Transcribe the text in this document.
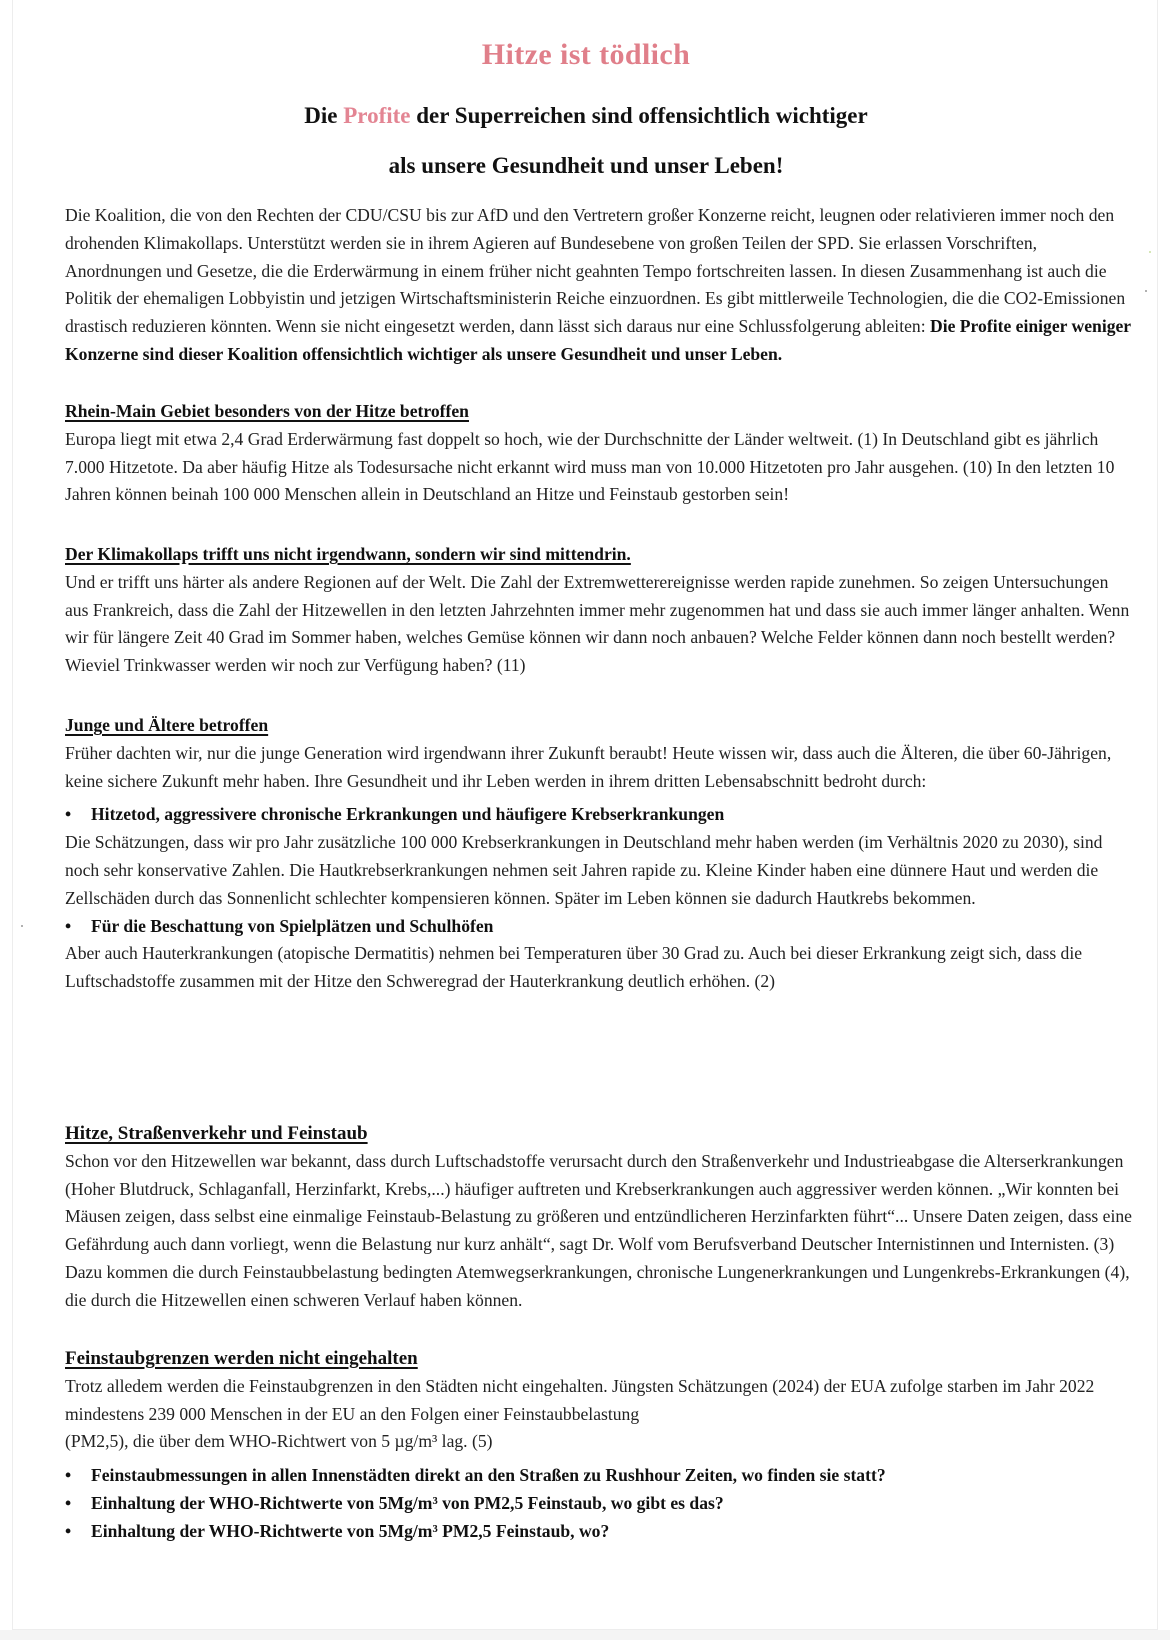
Hitze ist tödlich
Die Profite der Superreichen sind offensichtlich wichtiger
als unsere Gesundheit und unser Leben!

Die Koalition, die von den Rechten der CDU/CSU bis zur AfD und den Vertretern großer Konzerne reicht, leugnen oder relativieren immer noch den drohenden Klimakollaps. Unterstützt werden sie in ihrem Agieren auf Bundesebene von großen Teilen der SPD. Sie erlassen Vorschriften, Anordnungen und Gesetze, die die Erderwärmung in einem früher nicht geahnten Tempo fortschreiten lassen. In diesen Zusammenhang ist auch die Politik der ehemaligen Lobbyistin und jetzigen Wirtschaftsministerin Reiche einzuordnen. Es gibt mittlerweile Technologien, die die CO2-Emissionen drastisch reduzieren könnten. Wenn sie nicht eingesetzt werden, dann lässt sich daraus nur eine Schlussfolgerung ableiten: Die Profite einiger weniger Konzerne sind dieser Koalition offensichtlich wichtiger als unsere Gesundheit und unser Leben.

Rhein-Main Gebiet besonders von der Hitze betroffen

Europa liegt mit etwa 2,4 Grad Erderwärmung fast doppelt so hoch, wie der Durchschnitte der Länder weltweit. (1) In Deutschland gibt es jährlich 7.000 Hitzetote. Da aber häufig Hitze als Todesursache nicht erkannt wird muss man von 10.000 Hitzetoten pro Jahr ausgehen. (10) In den letzten 10 Jahren können beinah 100 000 Menschen allein in Deutschland an Hitze und Feinstaub gestorben sein!

Der Klimakollaps trifft uns nicht irgendwann, sondern wir sind mittendrin.

Und er trifft uns härter als andere Regionen auf der Welt. Die Zahl der Extremwetterereignisse werden rapide zunehmen. So zeigen Untersuchungen aus Frankreich, dass die Zahl der Hitzewellen in den letzten Jahrzehnten immer mehr zugenommen hat und dass sie auch immer länger anhalten. Wenn wir für längere Zeit 40 Grad im Sommer haben, welches Gemüse können wir dann noch anbauen? Welche Felder können dann noch bestellt werden? Wieviel Trinkwasser werden wir noch zur Verfügung haben? (11)

Junge und Ältere betroffen

Früher dachten wir, nur die junge Generation wird irgendwann ihrer Zukunft beraubt! Heute wissen wir, dass auch die Älteren, die über 60-Jährigen, keine sichere Zukunft mehr haben. Ihre Gesundheit und ihr Leben werden in ihrem dritten Lebensabschnitt bedroht durch:

• Hitzetod, aggressivere chronische Erkrankungen und häufigere Krebserkrankungen

Die Schätzungen, dass wir pro Jahr zusätzliche 100 000 Krebserkrankungen in Deutschland mehr haben werden (im Verhältnis 2020 zu 2030), sind noch sehr konservative Zahlen. Die Hautkrebserkrankungen nehmen seit Jahren rapide zu. Kleine Kinder haben eine dünnere Haut und werden die Zellschäden durch das Sonnenlicht schlechter kompensieren können. Später im Leben können sie dadurch Hautkrebs bekommen.

• Für die Beschattung von Spielplätzen und Schulhöfen

Aber auch Hauterkrankungen (atopische Dermatitis) nehmen bei Temperaturen über 30 Grad zu. Auch bei dieser Erkrankung zeigt sich, dass die Luftschadstoffe zusammen mit der Hitze den Schweregrad der Hauterkrankung deutlich erhöhen. (2)

Hitze, Straßenverkehr und Feinstaub

Schon vor den Hitzewellen war bekannt, dass durch Luftschadstoffe verursacht durch den Straßenverkehr und Industrieabgase die Alterserkrankungen (Hoher Blutdruck, Schlaganfall, Herzinfarkt, Krebs,...) häufiger auftreten und Krebserkrankungen auch aggressiver werden können. „Wir konnten bei Mäusen zeigen, dass selbst eine einmalige Feinstaub-Belastung zu größeren und entzündlicheren Herzinfarkten führt“... Unsere Daten zeigen, dass eine Gefährdung auch dann vorliegt, wenn die Belastung nur kurz anhält“, sagt Dr. Wolf vom Berufsverband Deutscher Internistinnen und Internisten. (3) Dazu kommen die durch Feinstaubbelastung bedingten Atemwegserkrankungen, chronische Lungenerkrankungen und Lungenkrebs-Erkrankungen (4), die durch die Hitzewellen einen schweren Verlauf haben können.

Feinstaubgrenzen werden nicht eingehalten

Trotz alledem werden die Feinstaubgrenzen in den Städten nicht eingehalten. Jüngsten Schätzungen (2024) der EUA zufolge starben im Jahr 2022 mindestens 239 000 Menschen in der EU an den Folgen einer Feinstaubbelastung

(PM2,5), die über dem WHO-Richtwert von 5 µg/m³ lag. (5)

• Feinstaubmessungen in allen Innenstädten direkt an den Straßen zu Rushhour Zeiten, wo finden sie statt?

• Einhaltung der WHO-Richtwerte von 5Mg/m³ von PM2,5 Feinstaub, wo gibt es das?

• Einhaltung der WHO-Richtwerte von 5Mg/m³ PM2,5 Feinstaub, wo?
